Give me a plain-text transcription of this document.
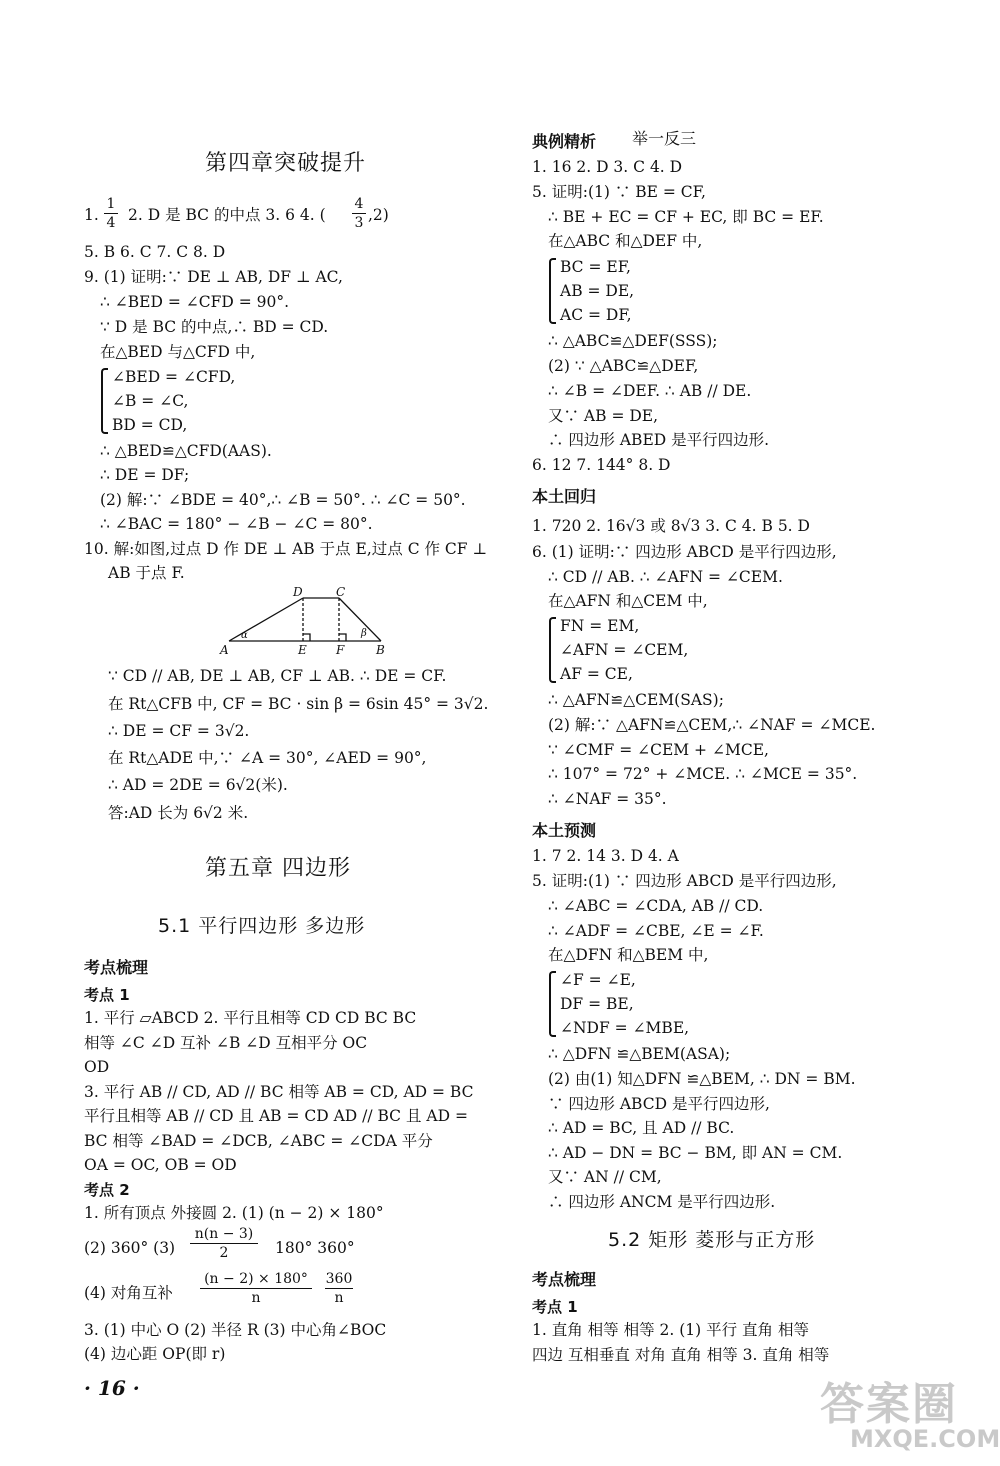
第四章突破提升
1.
1
4 2. D 是 BC 的中点 3. 6 4. (
4
3 ,2)
5. B 6. C 7. C 8. D
9. (1) 证明:∵ DE ⊥ AB, DF ⊥ AC,
∴ ∠BED = ∠CFD = 90°.
∵ D 是 BC 的中点,∴ BD = CD.
在△BED 与△CFD 中,
∠BED = ∠CFD,
∠B = ∠C,
BD = CD,
∴ △BED≌△CFD(AAS).
∴ DE = DF;
(2) 解:∵ ∠BDE = 40°,∴ ∠B = 50°. ∴ ∠C = 50°.
∴ ∠BAC = 180° − ∠B − ∠C = 80°.
10. 解:如图,过点 D 作 DE ⊥ AB 于点 E,过点 C 作 CF ⊥
AB 于点 F.
D	C
A	E F	B
α	β
∵ CD // AB, DE ⊥ AB, CF ⊥ AB. ∴ DE = CF.
在 Rt△CFB 中, CF = BC · sin β = 6sin 45° = 3√2.
∴ DE = CF = 3√2.
在 Rt△ADE 中,∵ ∠A = 30°, ∠AED = 90°,
∴ AD = 2DE = 6√2(米).
答:AD 长为 6√2 米.
第五章 四边形
5.1 平行四边形 多边形
考点梳理
考点 1
1. 平行 ▱ABCD 2. 平行且相等 CD CD BC BC
相等 ∠C ∠D 互补 ∠B ∠D 互相平分 OC
OD
3. 平行 AB // CD, AD // BC 相等 AB = CD, AD = BC
平行且相等 AB // CD 且 AB = CD AD // BC 且 AD =
BC 相等 ∠BAD = ∠DCB, ∠ABC = ∠CDA 平分
OA = OC, OB = OD
考点 2
1. 所有顶点 外接圆 2. (1) (n − 2) × 180°
(2) 360° (3)
n(n − 3)
2	180° 360°
(4) 对角互补
(n − 2) × 180°
n
360
n
3. (1) 中心 O (2) 半径 R (3) 中心角∠BOC
(4) 边心距 OP(即 r)
· 16 ·
典例精析 举一反三
1. 16 2. D 3. C 4. D
5. 证明:(1) ∵ BE = CF,
∴ BE + EC = CF + EC, 即 BC = EF.
在△ABC 和△DEF 中,
BC = EF,
AB = DE,
AC = DF,
∴ △ABC≌△DEF(SSS);
(2) ∵ △ABC≌△DEF,
∴ ∠B = ∠DEF. ∴ AB // DE.
又∵ AB = DE,
∴ 四边形 ABED 是平行四边形.
6. 12 7. 144° 8. D
本土回归
1. 720 2. 16√3 或 8√3 3. C 4. B 5. D
6. (1) 证明:∵ 四边形 ABCD 是平行四边形,
∴ CD // AB. ∴ ∠AFN = ∠CEM.
在△AFN 和△CEM 中,
FN = EM,
∠AFN = ∠CEM,
AF = CE,
∴ △AFN≌△CEM(SAS);
(2) 解:∵ △AFN≌△CEM,∴ ∠NAF = ∠MCE.
∵ ∠CMF = ∠CEM + ∠MCE,
∴ 107° = 72° + ∠MCE. ∴ ∠MCE = 35°.
∴ ∠NAF = 35°.
本土预测
1. 7 2. 14 3. D 4. A
5. 证明:(1) ∵ 四边形 ABCD 是平行四边形,
∴ ∠ABC = ∠CDA, AB // CD.
∴ ∠ADF = ∠CBE, ∠E = ∠F.
在△DFN 和△BEM 中,
∠F = ∠E,
DF = BE,
∠NDF = ∠MBE,
∴ △DFN ≌△BEM(ASA);
(2) 由(1) 知△DFN ≌△BEM, ∴ DN = BM.
∵ 四边形 ABCD 是平行四边形,
∴ AD = BC, 且 AD // BC.
∴ AD − DN = BC − BM, 即 AN = CM.
又∵ AN // CM,
∴ 四边形 ANCM 是平行四边形.
5.2 矩形 菱形与正方形
考点梳理
考点 1
1. 直角 相等 相等 2. (1) 平行 直角 相等
四边 互相垂直 对角 直角 相等 3. 直角 相等
答案圈
MXQE.COM
